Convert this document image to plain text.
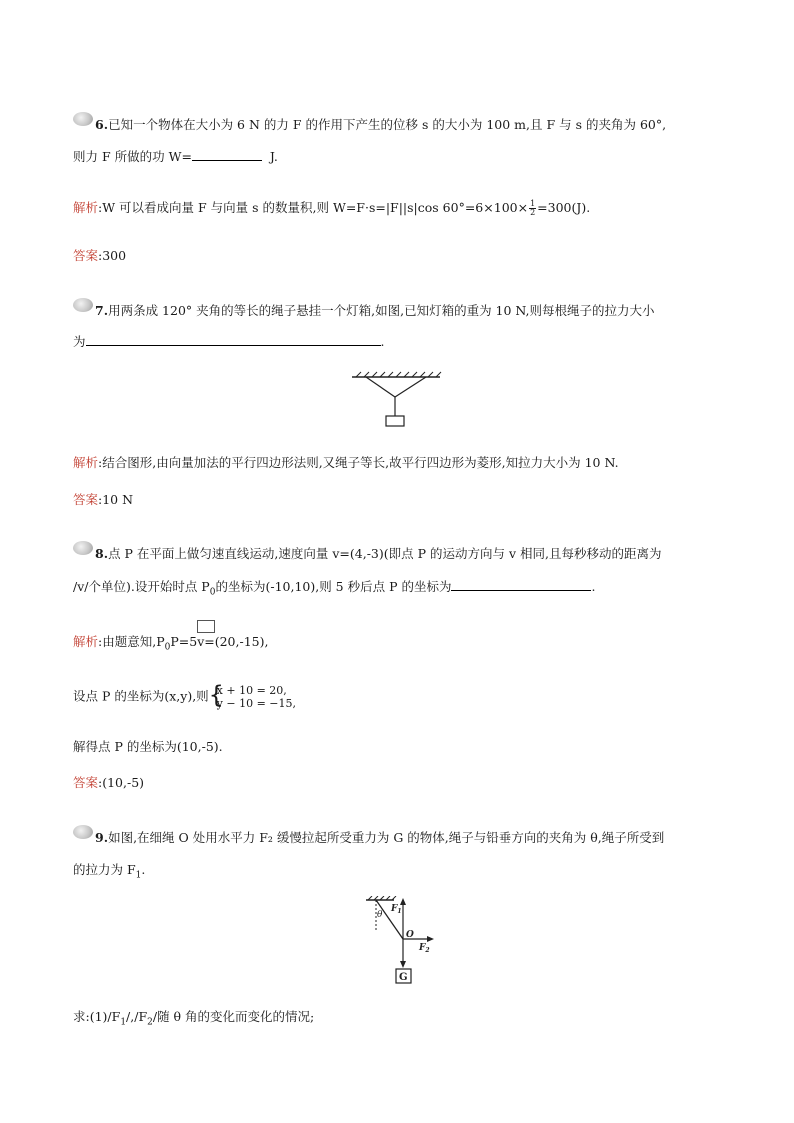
6.已知一个物体在大小为 6 N 的力 F 的作用下产生的位移 s 的大小为 100 m,且 F 与 s 的夹角为 60°,
则力 F 所做的功 W=	J.
解析:W 可以看成向量 F 与向量 s 的数量积,则 W=F·s=|F||s|cos $60^\circ=6\times 100\times \frac{1}{2} =300(J)$.
答案:300
7.用两条成 120° 夹角的等长的绳子悬挂一个灯箱,如图,已知灯箱的重为 10 N,则每根绳子的拉力大小
为	.
解析:结合图形,由向量加法的平行四边形法则,又绳子等长,故平行四边形为菱形,知拉力大小为 10 N.
答案:10 N
8.点 P 在平面上做匀速直线运动,速度向量 v=(4,-3)(即点 P 的运动方向与 v 相同,且每秒移动的距离为
/v/个单位).设开始时点 $P_0$的坐标为(-10,10),则 5 秒后点 P 的坐标为	.
解析:由题意知$,P_0P=5v=(20,-15)$,
设点 P 的坐标为(x,y),则 {
x + 10 = 20,
y − 10 = −15,
解得点 P 的坐标为(10,-5).
答案:(10,-5)
9.如图,在细绳 O 处用水平力 F₂ 缓慢拉起所受重力为 G 的物体,绳子与铅垂方向的夹角为 θ,绳子所受到
的拉力为 $F_1$.
θ
$F_1$
O
$F_2$
G
求$:(1)/F_1/,/F_2/$随 θ 角的变化而变化的情况;
